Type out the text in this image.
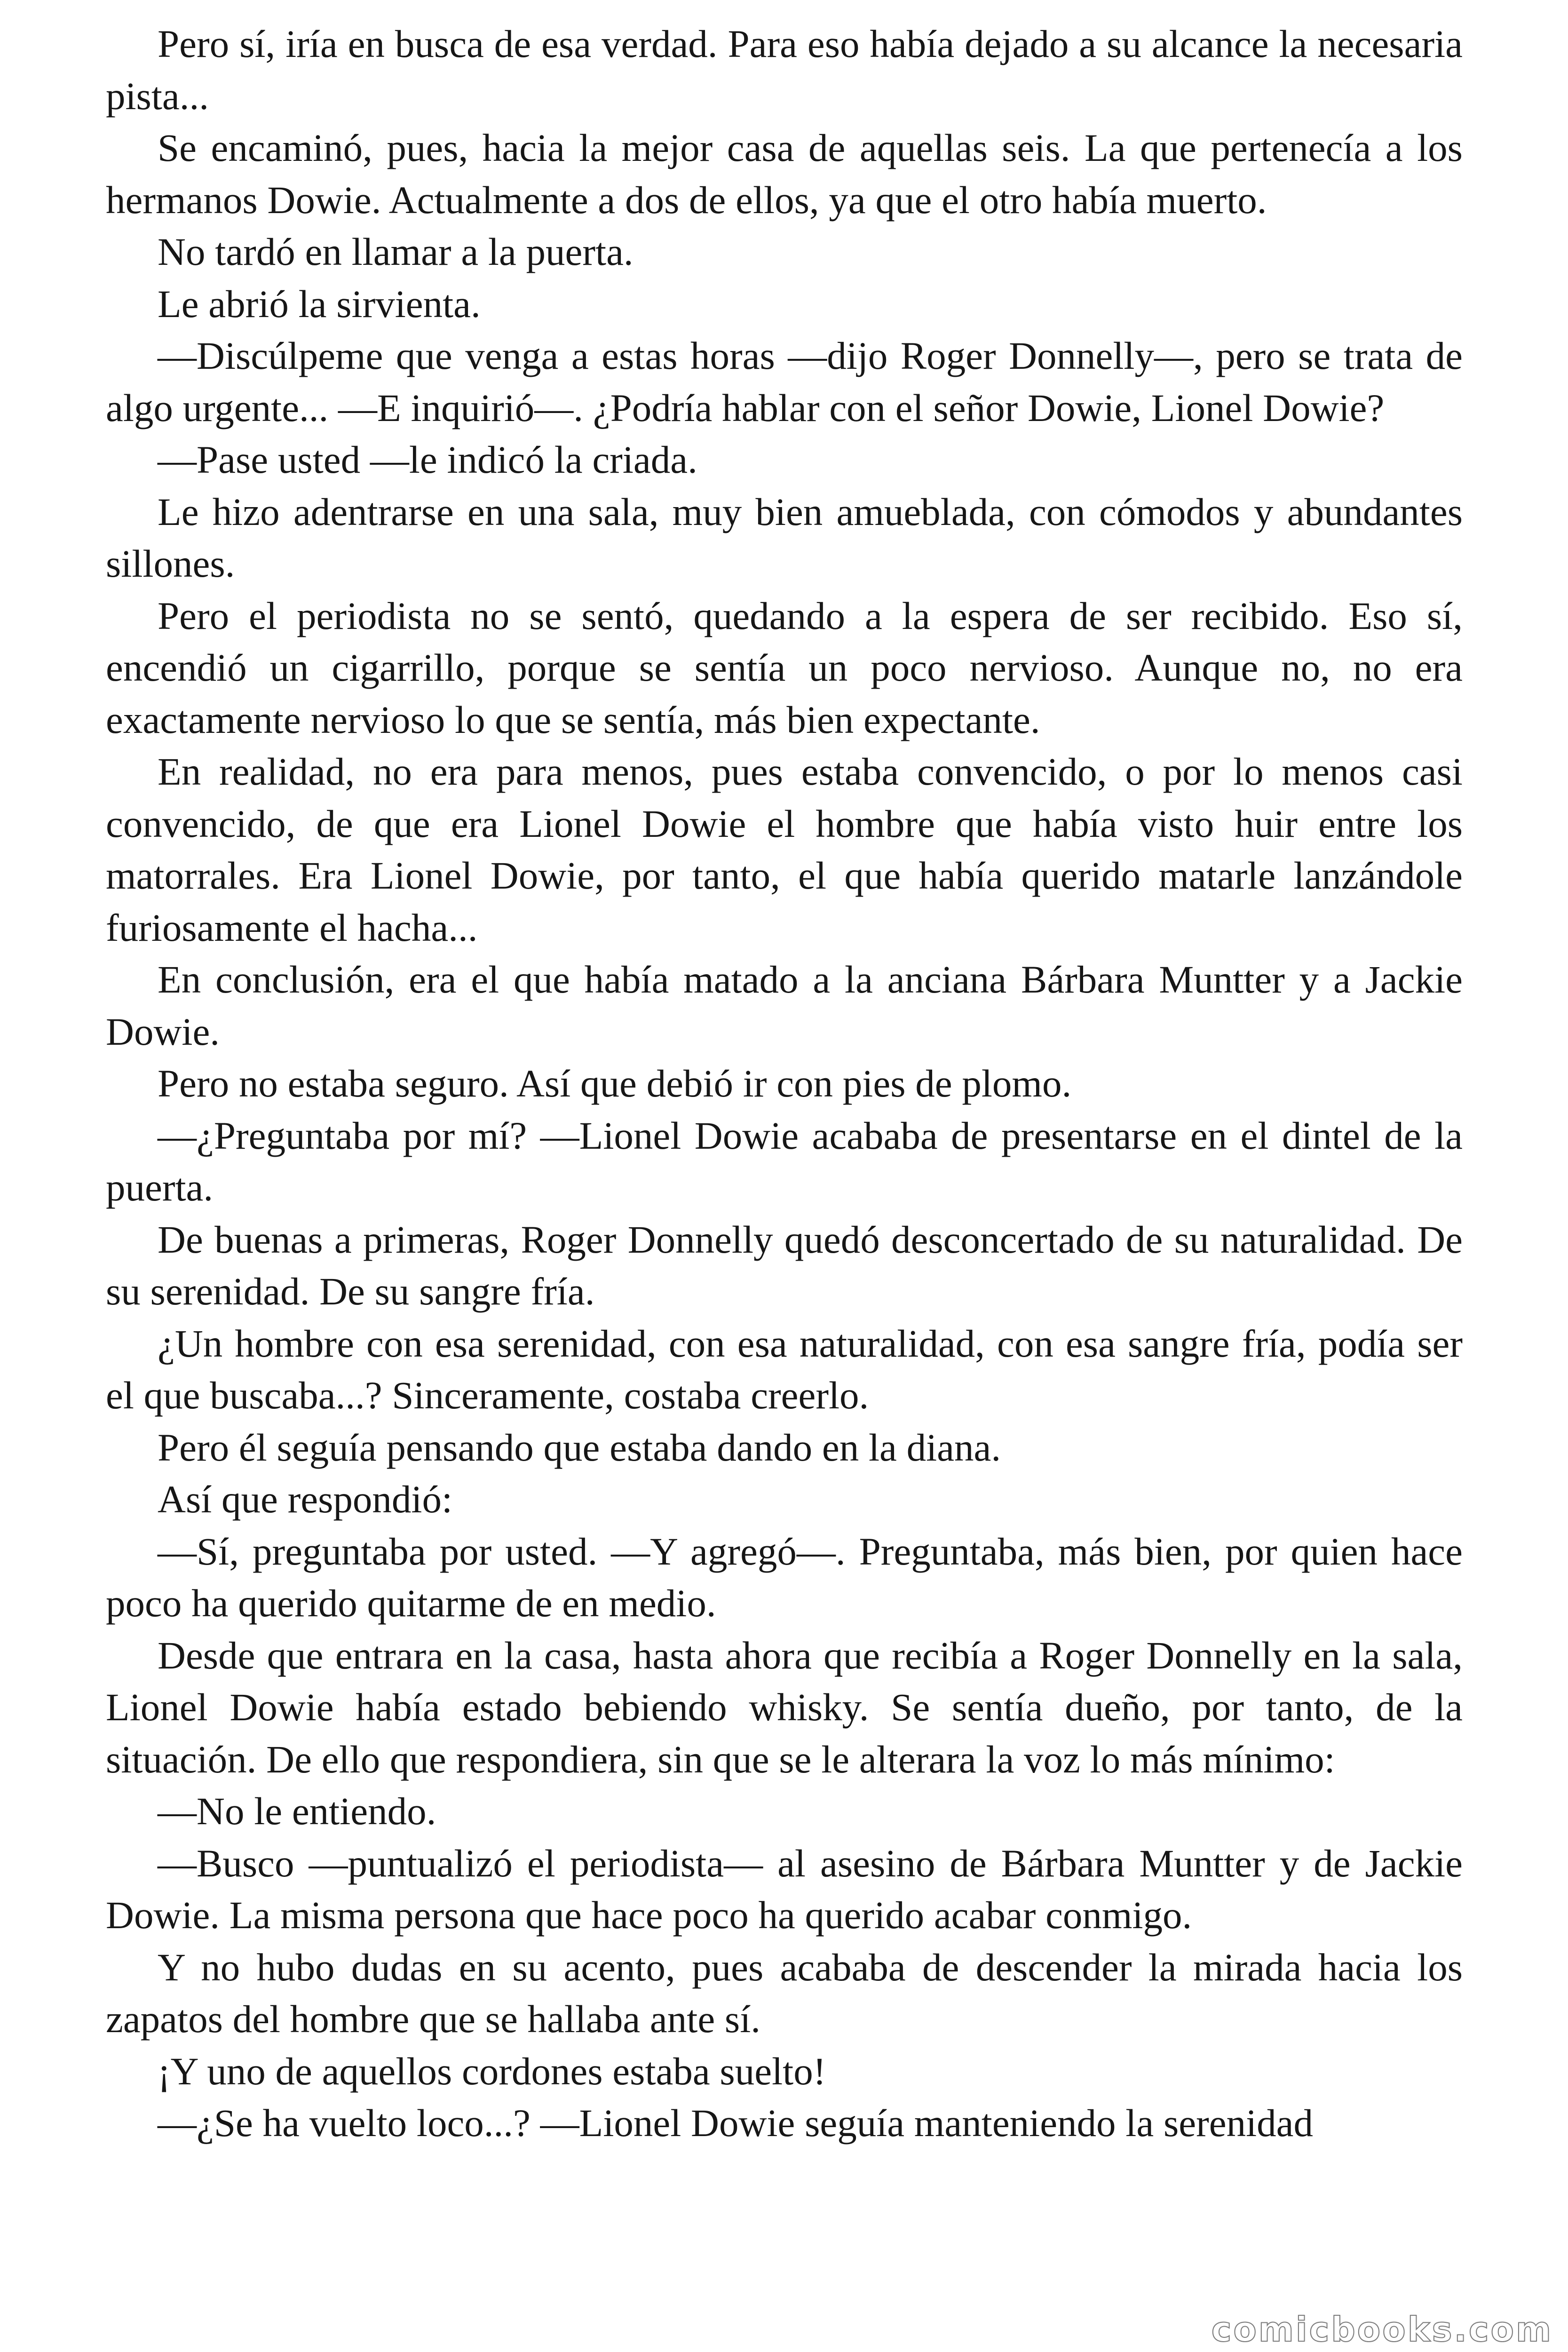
Pero sí, iría en busca de esa verdad. Para eso había dejado a su alcance la necesaria pista...

Se encaminó, pues, hacia la mejor casa de aquellas seis. La que pertenecía a los hermanos Dowie. Actualmente a dos de ellos, ya que el otro había muerto.

No tardó en llamar a la puerta.

Le abrió la sirvienta.

—Discúlpeme que venga a estas horas —dijo Roger Donnelly—, pero se trata de algo urgente... —E inquirió—. ¿Podría hablar con el señor Dowie, Lionel Dowie?

—Pase usted —le indicó la criada.

Le hizo adentrarse en una sala, muy bien amueblada, con cómodos y abundantes sillones.

Pero el periodista no se sentó, quedando a la espera de ser recibido. Eso sí, encendió un cigarrillo, porque se sentía un poco nervioso. Aunque no, no era exactamente nervioso lo que se sentía, más bien expectante.

En realidad, no era para menos, pues estaba convencido, o por lo menos casi convencido, de que era Lionel Dowie el hombre que había visto huir entre los matorrales. Era Lionel Dowie, por tanto, el que había querido matarle lanzándole furiosamente el hacha...

En conclusión, era el que había matado a la anciana Bárbara Muntter y a Jackie Dowie.

Pero no estaba seguro. Así que debió ir con pies de plomo.

—¿Preguntaba por mí? —Lionel Dowie acababa de presentarse en el dintel de la puerta.

De buenas a primeras, Roger Donnelly quedó desconcertado de su naturalidad. De su serenidad. De su sangre fría.

¿Un hombre con esa serenidad, con esa naturalidad, con esa sangre fría, podía ser el que buscaba...? Sinceramente, costaba creerlo.

Pero él seguía pensando que estaba dando en la diana.

Así que respondió:

—Sí, preguntaba por usted. —Y agregó—. Preguntaba, más bien, por quien hace poco ha querido quitarme de en medio.

Desde que entrara en la casa, hasta ahora que recibía a Roger Donnelly en la sala, Lionel Dowie había estado bebiendo whisky. Se sentía dueño, por tanto, de la situación. De ello que respondiera, sin que se le alterara la voz lo más mínimo:

—No le entiendo.

—Busco —puntualizó el periodista— al asesino de Bárbara Muntter y de Jackie Dowie. La misma persona que hace poco ha querido acabar conmigo.

Y no hubo dudas en su acento, pues acababa de descender la mirada hacia los zapatos del hombre que se hallaba ante sí.

¡Y uno de aquellos cordones estaba suelto!

—¿Se ha vuelto loco...? —Lionel Dowie seguía manteniendo la serenidad

comicbooks.com
